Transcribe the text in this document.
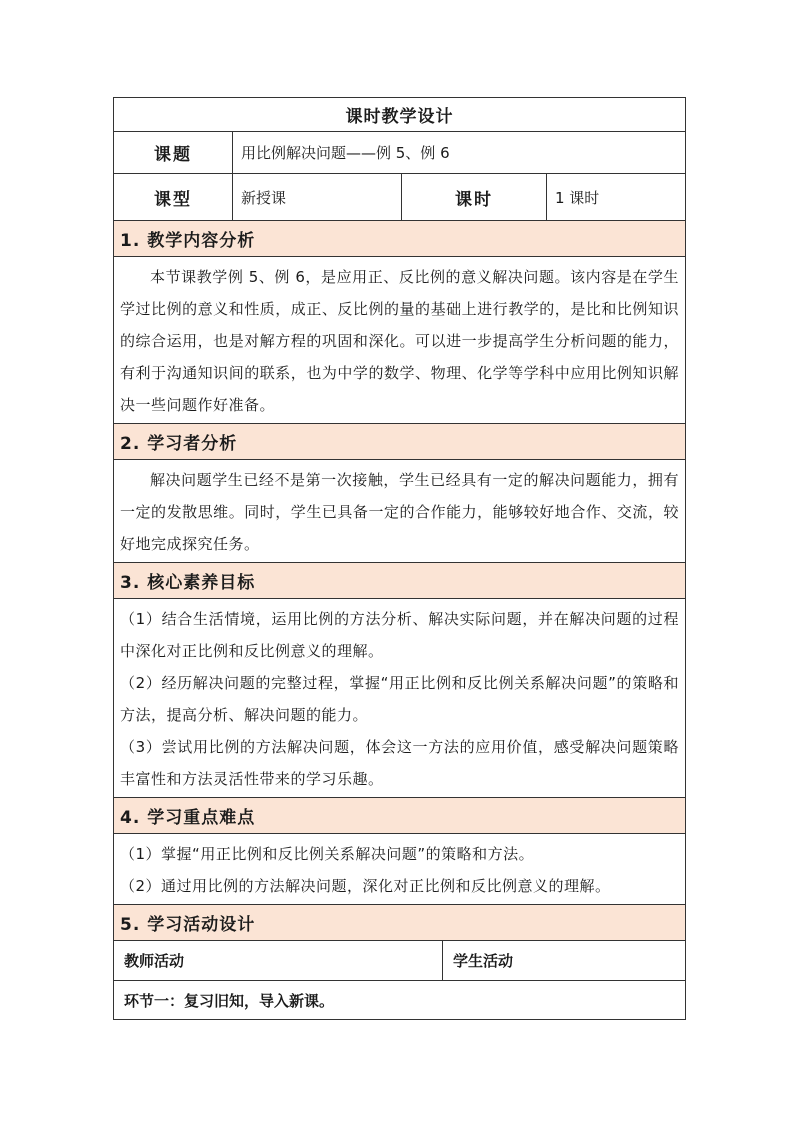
课时教学设计
课题	用比例解决问题——例 5、例 6
课型	新授课	课时	1 课时
1. 教学内容分析

本节课教学例 5、例 6，是应用正、反比例的意义解决问题。该内容是在学生学过比例的意义和性质，成正、反比例的量的基础上进行教学的，是比和比例知识的综合运用，也是对解方程的巩固和深化。可以进一步提高学生分析问题的能力，有利于沟通知识间的联系，也为中学的数学、物理、化学等学科中应用比例知识解决一些问题作好准备。

2. 学习者分析

解决问题学生已经不是第一次接触，学生已经具有一定的解决问题能力，拥有一定的发散思维。同时，学生已具备一定的合作能力，能够较好地合作、交流，较好地完成探究任务。

3. 核心素养目标

（1）结合生活情境，运用比例的方法分析、解决实际问题，并在解决问题的过程中深化对正比例和反比例意义的理解。

（2）经历解决问题的完整过程，掌握“用正比例和反比例关系解决问题”的策略和方法，提高分析、解决问题的能力。

（3）尝试用比例的方法解决问题，体会这一方法的应用价值，感受解决问题策略丰富性和方法灵活性带来的学习乐趣。

4. 学习重点难点

（1）掌握“用正比例和反比例关系解决问题”的策略和方法。

（2）通过用比例的方法解决问题，深化对正比例和反比例意义的理解。

5. 学习活动设计
教师活动	学生活动
环节一：复习旧知，导入新课。
